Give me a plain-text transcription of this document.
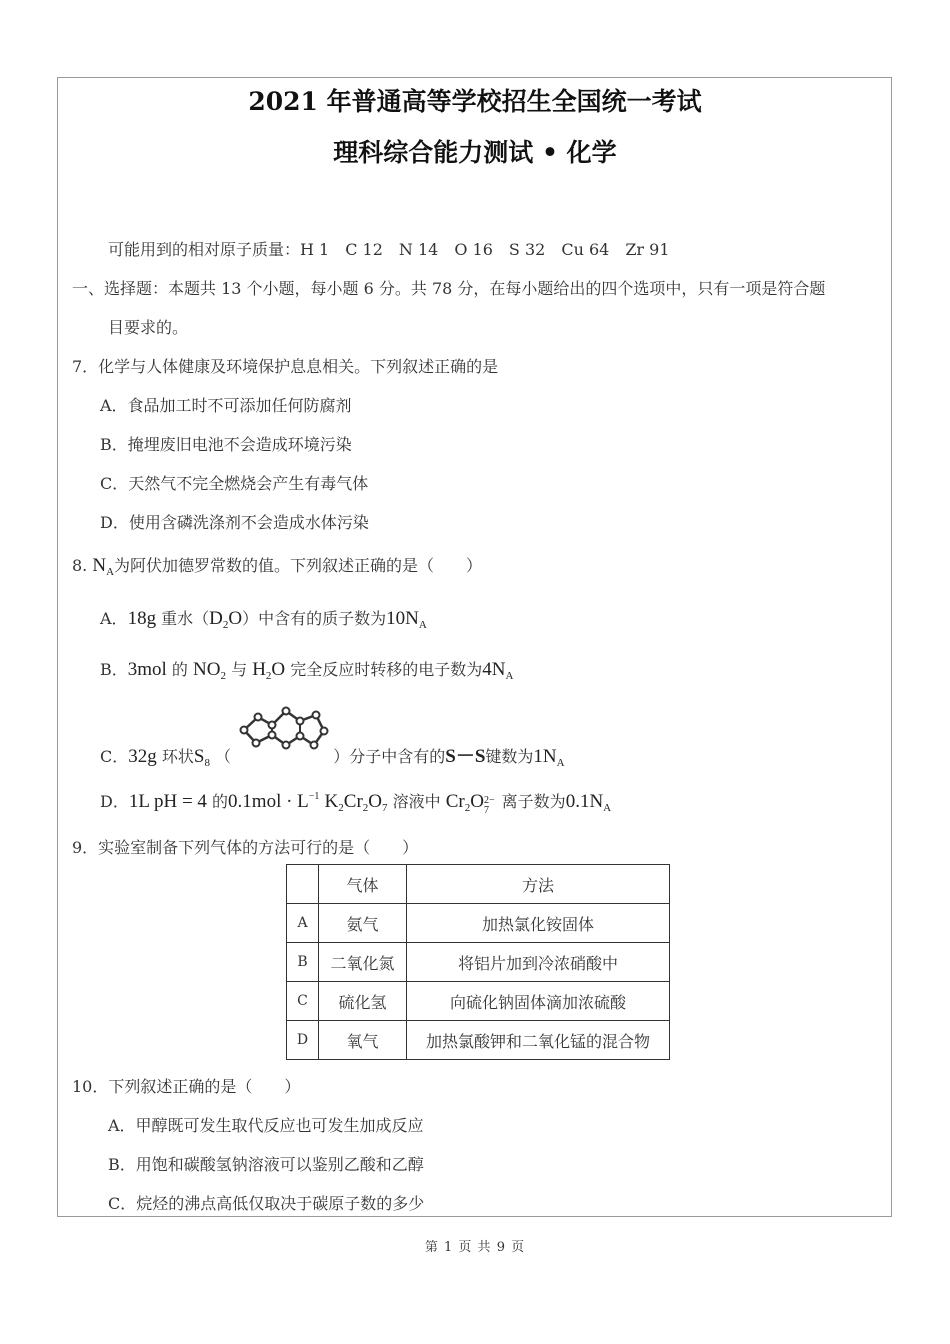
2021 年普通高等学校招生全国统一考试
理科综合能力测试 • 化学
可能用到的相对原子质量：H 1　C 12　N 14　O 16　S 32　Cu 64　Zr 91
一、选择题：本题共 13 个小题，每小题 6 分。共 78 分，在每小题给出的四个选项中，只有一项是符合题
目要求的。
7．化学与人体健康及环境保护息息相关。下列叙述正确的是
A．食品加工时不可添加任何防腐剂
B．掩埋废旧电池不会造成环境污染
C．天然气不完全燃烧会产生有毒气体
D．使用含磷洗涤剂不会造成水体污染
8. $N_A$为阿伏加德罗常数的值。下列叙述正确的是（　　）
A．18g 重水$(D_2O)$中含有的质子数为$10N_A$
B．3mol 的 $NO_2$ 与 $H_2O$ 完全反应时转移的电子数为$4N_A$
C．32g 环状$S_8$ （	）分子中含有的S－S键数为$1N_A$
D．1L pH = 4 的$0.1mol \cdot L^{-1}$ $K_2Cr_2O_7$ 溶液中 $Cr_2O$ 2−
7 离子数为$0.1N_A$
9．实验室制备下列气体的方法可行的是（　　）
	气体	方法
A	氨气	加热氯化铵固体
B	二氧化氮	将铝片加到冷浓硝酸中
C	硫化氢	向硫化钠固体滴加浓硫酸
D	氧气	加热氯酸钾和二氧化锰的混合物
10．下列叙述正确的是（　　）
A．甲醇既可发生取代反应也可发生加成反应
B．用饱和碳酸氢钠溶液可以鉴别乙酸和乙醇
C．烷烃的沸点高低仅取决于碳原子数的多少
第 1 页 共 9 页
